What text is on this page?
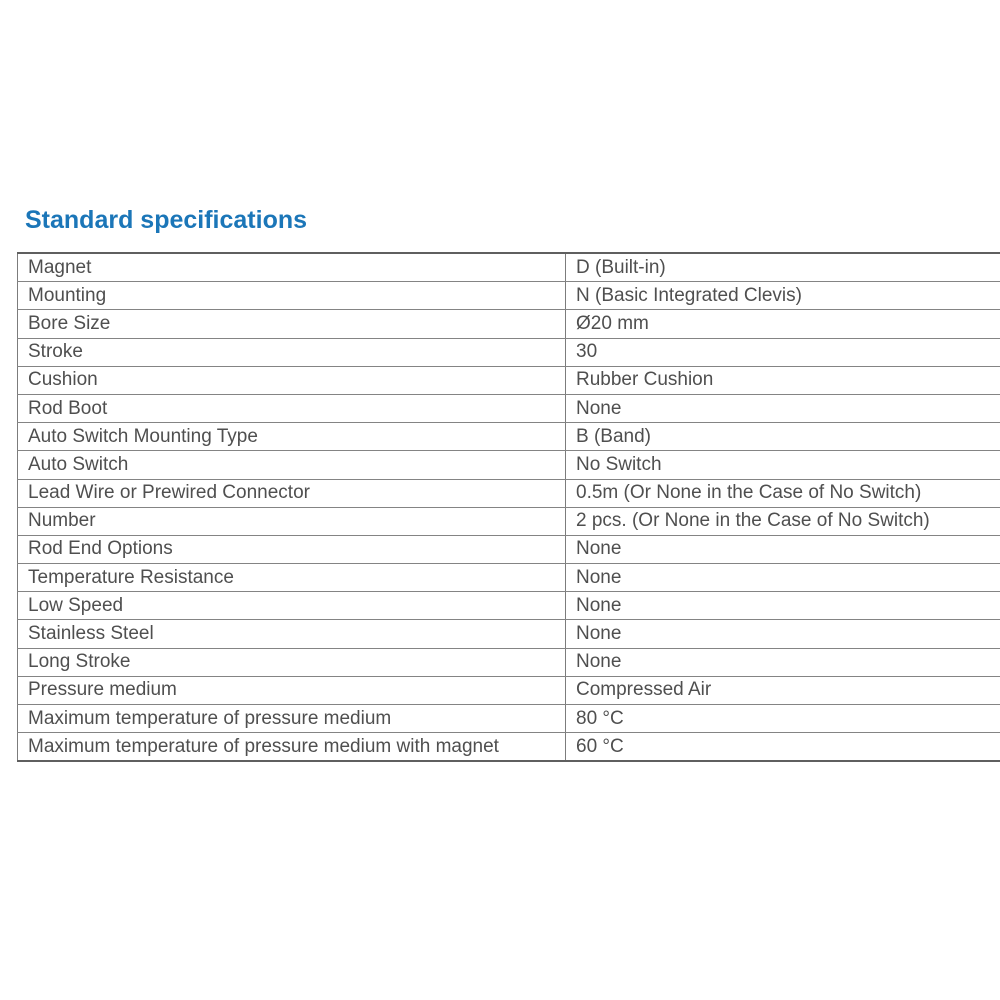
Standard specifications
Magnet	D (Built-in)
Mounting	N (Basic Integrated Clevis)
Bore Size	Ø20 mm
Stroke	30
Cushion	Rubber Cushion
Rod Boot	None
Auto Switch Mounting Type	B (Band)
Auto Switch	No Switch
Lead Wire or Prewired Connector	0.5m (Or None in the Case of No Switch)
Number	2 pcs. (Or None in the Case of No Switch)
Rod End Options	None
Temperature Resistance	None
Low Speed	None
Stainless Steel	None
Long Stroke	None
Pressure medium	Compressed Air
Maximum temperature of pressure medium	80 °C
Maximum temperature of pressure medium with magnet	60 °C
